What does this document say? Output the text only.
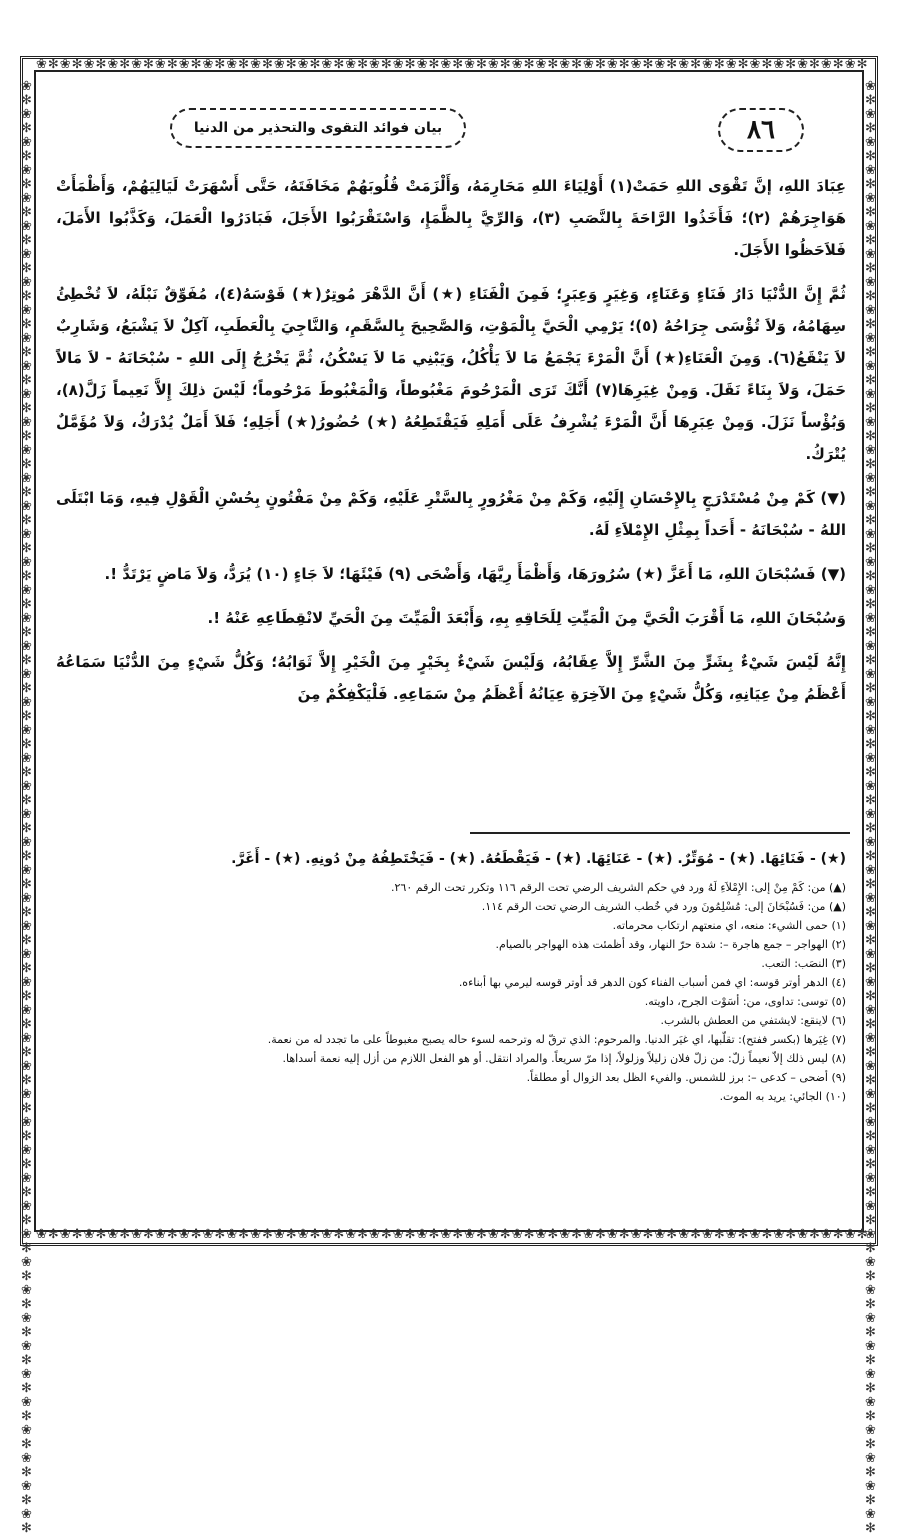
❀✻❀✻❀✻❀✻❀✻❀✻❀✻❀✻❀✻❀✻❀✻❀✻❀✻❀✻❀✻❀✻❀✻❀✻❀✻❀✻❀✻❀✻❀✻❀✻❀✻❀✻❀✻❀✻❀✻❀✻❀✻❀✻❀✻❀✻❀✻
❀✻❀✻❀✻❀✻❀✻❀✻❀✻❀✻❀✻❀✻❀✻❀✻❀✻❀✻❀✻❀✻❀✻❀✻❀✻❀✻❀✻❀✻❀✻❀✻❀✻❀✻❀✻❀✻❀✻❀✻❀✻❀✻❀✻❀✻❀✻
❀✻❀✻❀✻❀✻❀✻❀✻❀✻❀✻❀✻❀✻❀✻❀✻❀✻❀✻❀✻❀✻❀✻❀✻❀✻❀✻❀✻❀✻❀✻❀✻❀✻❀✻❀✻❀✻❀✻❀✻❀✻❀✻❀✻❀✻❀✻❀✻❀✻❀✻❀✻❀✻❀✻❀✻❀✻❀✻❀✻❀✻❀✻❀✻❀✻❀✻❀✻❀✻
❀✻❀✻❀✻❀✻❀✻❀✻❀✻❀✻❀✻❀✻❀✻❀✻❀✻❀✻❀✻❀✻❀✻❀✻❀✻❀✻❀✻❀✻❀✻❀✻❀✻❀✻❀✻❀✻❀✻❀✻❀✻❀✻❀✻❀✻❀✻❀✻❀✻❀✻❀✻❀✻❀✻❀✻❀✻❀✻❀✻❀✻❀✻❀✻❀✻❀✻❀✻❀✻
بيان فوائد التقوى والتحذير من الدنيا	٨٦

عِبَادَ اللهِ، إنَّ تَقْوَى اللهِ حَمَتْ(١) أَوْلِيَاءَ اللهِ مَحَارِمَهُ، وَأَلْزَمَتْ قُلُوبَهُمْ مَخَافَتَهُ، حَتَّى أَسْهَرَتْ لَيَالِيَهُمْ، وَأَظْمَأَتْ هَوَاجِرَهُمْ (٢)؛ فَأَخَذُوا الرَّاحَةَ بِالنَّصَبِ (٣)، وَالرِّيَّ بِالظَّمَإِ، وَاسْتَقْرَبُوا الأَجَلَ، فَبَادَرُوا الْعَمَلَ، وَكَذَّبُوا الأَمَلَ، فَلاَحَظُوا الأَجَلَ.

ثُمَّ إِنَّ الدُّنْيَا دَارُ فَنَاءٍ وَعَنَاءٍ، وَغِيَرٍ وَعِبَرٍ؛ فَمِنَ الْفَنَاءِ (★) أَنَّ الدَّهْرَ مُوتِرٌ(★) قَوْسَهُ(٤)، مُفَوِّقٌ نَبْلَهُ، لاَ تُخْطِئُ سِهَامُهُ، وَلاَ تُؤْسَى جِرَاحُهُ (٥)؛ يَرْمِي الْحَيَّ بِالْمَوْتِ، وَالصَّحِيحَ بِالسَّقَمِ، وَالنَّاجِيَ بِالْعَطَبِ، آكِلٌ لاَ يَشْبَعُ، وَشَارِبٌ لاَ يَنْقَعُ(٦). وَمِنَ الْعَنَاءِ(★) أَنَّ الْمَرْءَ يَجْمَعُ مَا لاَ يَأْكُلُ، وَيَبْنِي مَا لاَ يَسْكُنُ، ثُمَّ يَخْرُجُ إِلَى اللهِ - سُبْحَانَهُ - لاَ مَالاً حَمَلَ، وَلاَ بِنَاءً نَقَلَ. وَمِنْ غِيَرِهَا(٧) أَنَّكَ تَرَى الْمَرْحُومَ مَغْبُوطاً، وَالْمَغْبُوطَ مَرْحُوماً؛ لَيْسَ ذلِكَ إِلاَّ نَعِيماً زَلَّ(٨)، وَبُؤْساً نَزَلَ. وَمِنْ عِبَرِهَا أَنَّ الْمَرْءَ يُشْرِفُ عَلَى أَمَلِهِ فَيَقْتَطِعُهُ (★) حُضُورُ(★) أَجَلِهِ؛ فَلاَ أَمَلٌ يُدْرَكُ، وَلاَ مُؤَمَّلٌ يُتْرَكُ.

(▼) كَمْ مِنْ مُسْتَدْرَجٍ بِالإِحْسَانِ إِلَيْهِ، وَكَمْ مِنْ مَغْرُورٍ بِالسَّتْرِ عَلَيْهِ، وَكَمْ مِنْ مَفْتُونٍ بِحُسْنِ الْقَوْلِ فِيهِ، وَمَا ابْتَلَى اللهُ - سُبْحَانَهُ - أَحَداً بِمِثْلِ الإِمْلاَءِ لَهُ.

(▼) فَسُبْحَانَ اللهِ، مَا أَعَزَّ (★) سُرُورَهَا، وَأَظْمَأَ رِيَّهَا، وَأَضْحَى (٩) فَيْئَهَا؛ لاَ جَاءٍ (١٠) يُرَدُّ، وَلاَ مَاضٍ يَرْتَدُّ !.

وَسُبْحَانَ اللهِ، مَا أَقْرَبَ الْحَيَّ مِنَ الْمَيِّتِ لِلَحَاقِهِ بِهِ، وَأَبْعَدَ الْمَيِّتَ مِنَ الْحَيِّ لانْقِطَاعِهِ عَنْهُ !.

إِنَّهُ لَيْسَ شَيْءٌ بِشَرٍّ مِنَ الشَّرِّ إِلاَّ عِقَابُهُ، وَلَيْسَ شَيْءٌ بِخَيْرٍ مِنَ الْخَيْرِ إِلاَّ ثَوَابُهُ؛ وَكُلُّ شَيْءٍ مِنَ الدُّنْيَا سَمَاعُهُ أَعْظَمُ مِنْ عِيَانِهِ، وَكُلُّ شَيْءٍ مِنَ الآخِرَةِ عِيَانُهُ أَعْظَمُ مِنْ سَمَاعِهِ. فَلْيَكْفِكُمْ مِنَ

(★) - فَنَائِهَا. (★) - مُوَتِّرٌ. (★) - عَنَائِهَا. (★) - فَيَقْطَعُهُ. (★) - فَيَخْتَطِفُهُ مِنْ دُونِهِ. (★) - أَغَرَّ.

(▲) من: كَمْ مِنْ إلى: الإِمْلاَءِ لَهُ ورد في حكم الشريف الرضي تحت الرقم ١١٦ وتكرر تحت الرقم ٢٦٠.

(▲) من: فَسُبْحَانَ إلى: مُسْلِمُونَ ورد في خُطب الشريف الرضي تحت الرقم ١١٤.

(١) حمى الشيء: منعه، اي منعتهم ارتكاب محرماته.

(٢) الهواجر – جمع هاجرة –: شدة حرّ النهار، وقد أظمئت هذه الهواجر بالصيام.

(٣) النصَب: التعب.

(٤) الدهر أوتر قوسه: اي فمن أسباب الفناء كون الدهر قد أوتر قوسه ليرمي بها أبناءه.

(٥) توسى: تداوى، من: أسَوْت الجرح، داويته.

(٦) لاينقع: لايشتفي من العطش بالشرب.

(٧) غِيَرها (بكسر ففتح): تقلّبها، اي غيَر الدنيا. والمرحوم: الذي ترقّ له وترحمه لسوء حاله يصبح مغبوطاً على ما تجدد له من نعمة.

(٨) ليس ذلك إلاّ نعيماً زلّ: من زلّ فلان زليلاً وزلولاً، إذا مرّ سريعاً. والمراد انتقل. أو هو الفعل اللازم من أزل إليه نعمة أسداها.

(٩) أضحى – كدعى –: برز للشمس. والفيء الظل بعد الزوال أو مطلقاً.

(١٠) الجائي: يريد به الموت.
